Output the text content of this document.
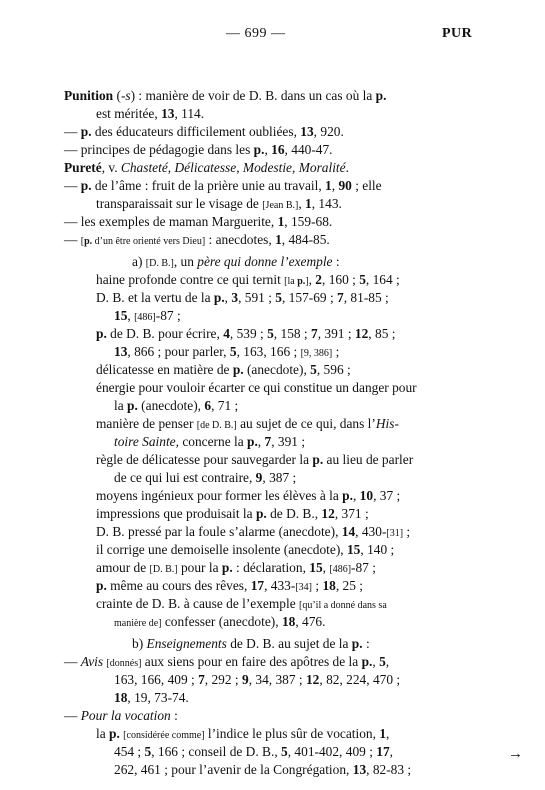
— 699 —	PUR
Punition (-s) : manière de voir de D. B. dans un cas où la p.
est méritée, 13, 114.
— p. des éducateurs difficilement oubliées, 13, 920.
— principes de pédagogie dans les p., 16, 440-47.
Pureté, v. Chasteté, Délicatesse, Modestie, Moralité.
— p. de l’âme : fruit de la prière unie au travail, 1, 90 ; elle
transparaissait sur le visage de [Jean B.], 1, 143.
— les exemples de maman Marguerite, 1, 159-68.
— [p. d’un être orienté vers Dieu] : anecdotes, 1, 484-85.
a) [D. B.], un père qui donne l’exemple :
haine profonde contre ce qui ternit [la p.], 2, 160 ; 5, 164 ;
D. B. et la vertu de la p., 3, 591 ; 5, 157-69 ; 7, 81-85 ;
15, [486]-87 ;
p. de D. B. pour écrire, 4, 539 ; 5, 158 ; 7, 391 ; 12, 85 ;
13, 866 ; pour parler, 5, 163, 166 ; [9, 386] ;
délicatesse en matière de p. (anecdote), 5, 596 ;
énergie pour vouloir écarter ce qui constitue un danger pour
la p. (anecdote), 6, 71 ;
manière de penser [de D. B.] au sujet de ce qui, dans l’His-
toire Sainte, concerne la p., 7, 391 ;
règle de délicatesse pour sauvegarder la p. au lieu de parler
de ce qui lui est contraire, 9, 387 ;
moyens ingénieux pour former les élèves à la p., 10, 37 ;
impressions que produisait la p. de D. B., 12, 371 ;
D. B. pressé par la foule s’alarme (anecdote), 14, 430-[31] ;
il corrige une demoiselle insolente (anecdote), 15, 140 ;
amour de [D. B.] pour la p. : déclaration, 15, [486]-87 ;
p. même au cours des rêves, 17, 433-[34] ; 18, 25 ;
crainte de D. B. à cause de l’exemple [qu’il a donné dans sa
manière de] confesser (anecdote), 18, 476.
b) Enseignements de D. B. au sujet de la p. :
— Avis [donnés] aux siens pour en faire des apôtres de la p., 5,
163, 166, 409 ; 7, 292 ; 9, 34, 387 ; 12, 82, 224, 470 ;
18, 19, 73-74.
— Pour la vocation :
la p. [considérée comme] l’indice le plus sûr de vocation, 1,
454 ; 5, 166 ; conseil de D. B., 5, 401-402, 409 ; 17,
262, 461 ; pour l’avenir de la Congrégation, 13, 82-83 ;
→
